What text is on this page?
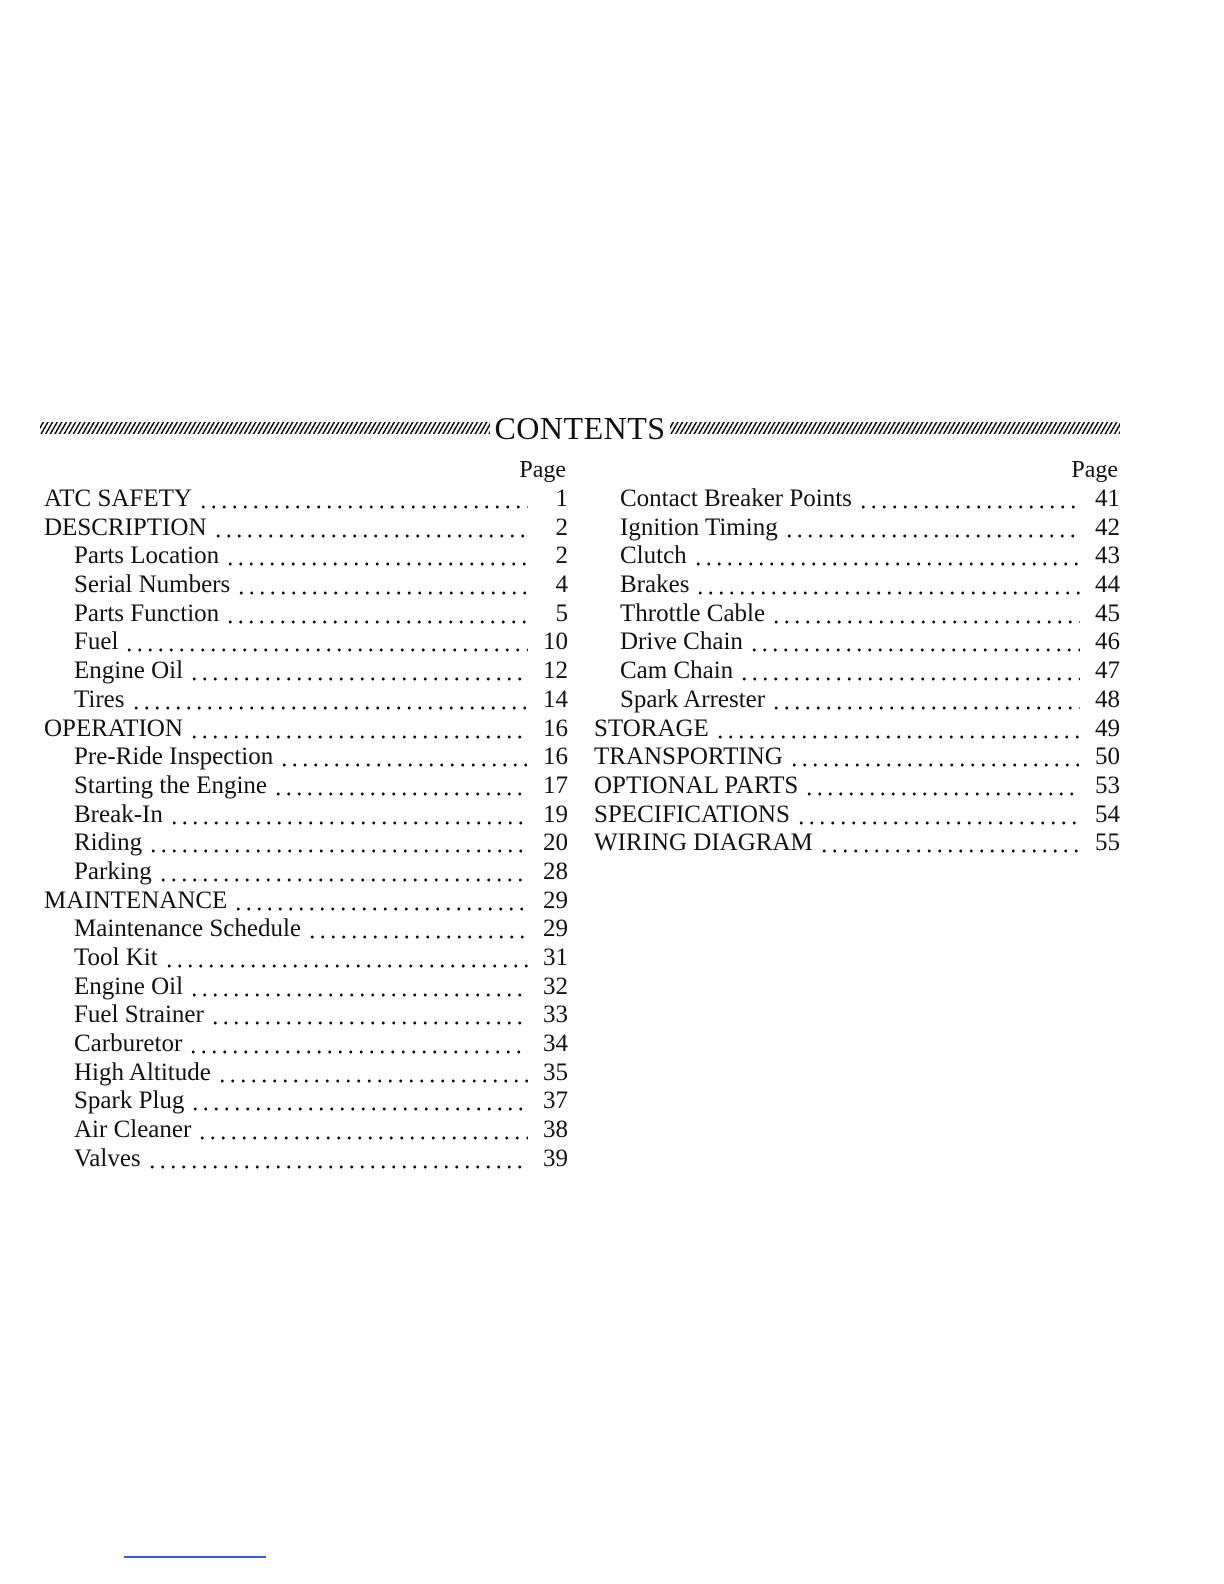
CONTENTS
Page
ATC SAFETY	1
DESCRIPTION	2
Parts Location	2
Serial Numbers	4
Parts Function	5
Fuel	10
Engine Oil	12
Tires	14
OPERATION	16
Pre-Ride Inspection	16
Starting the Engine	17
Break-In	19
Riding	20
Parking	28
MAINTENANCE	29
Maintenance Schedule	29
Tool Kit	31
Engine Oil	32
Fuel Strainer	33
Carburetor	34
High Altitude	35
Spark Plug	37
Air Cleaner	38
Valves	39
Page
Contact Breaker Points	41
Ignition Timing	42
Clutch	43
Brakes	44
Throttle Cable	45
Drive Chain	46
Cam Chain	47
Spark Arrester	48
STORAGE	49
TRANSPORTING	50
OPTIONAL PARTS	53
SPECIFICATIONS	54
WIRING DIAGRAM	55
